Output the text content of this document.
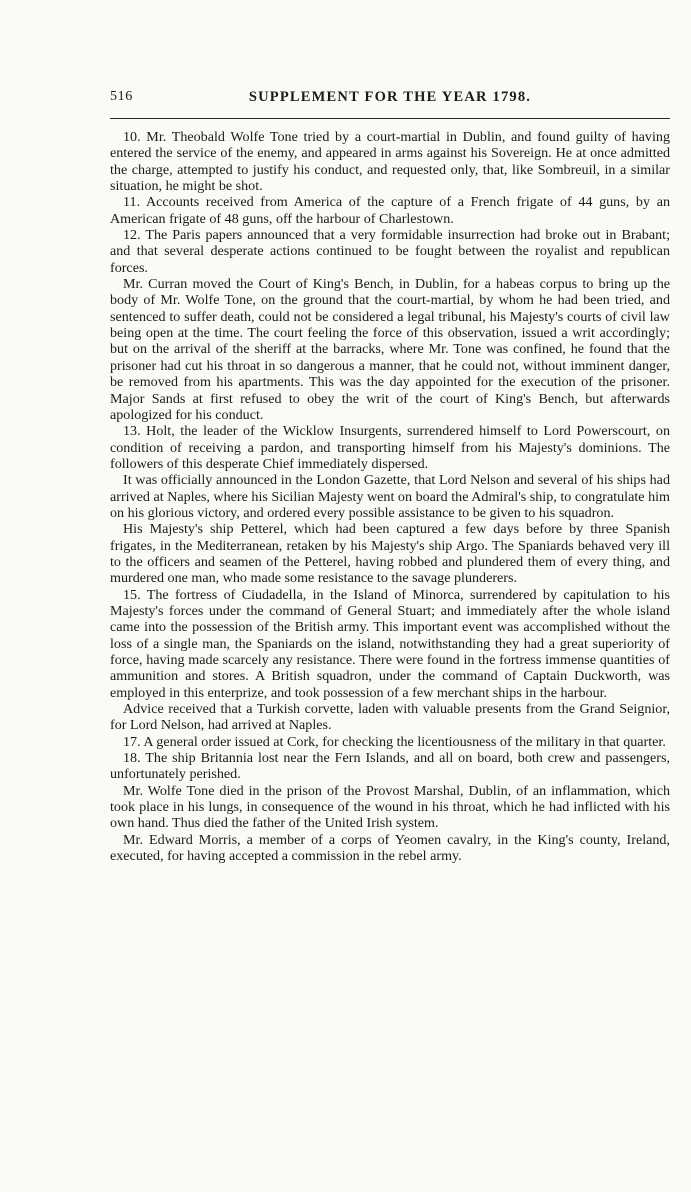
516	SUPPLEMENT FOR THE YEAR 1798.

10. Mr. Theobald Wolfe Tone tried by a court-martial in Dublin, and found guilty of having entered the service of the enemy, and appeared in arms against his Sovereign. He at once admitted the charge, attempted to justify his conduct, and requested only, that, like Sombreuil, in a similar situation, he might be shot.

11. Accounts received from America of the capture of a French frigate of 44 guns, by an American frigate of 48 guns, off the harbour of Charlestown.

12. The Paris papers announced that a very formidable insurrection had broke out in Brabant; and that several desperate actions continued to be fought between the royalist and republican forces.

Mr. Curran moved the Court of King's Bench, in Dublin, for a habeas corpus to bring up the body of Mr. Wolfe Tone, on the ground that the court-martial, by whom he had been tried, and sentenced to suffer death, could not be considered a legal tribunal, his Majesty's courts of civil law being open at the time. The court feeling the force of this observation, issued a writ accordingly; but on the arrival of the sheriff at the barracks, where Mr. Tone was confined, he found that the prisoner had cut his throat in so dangerous a manner, that he could not, without imminent danger, be removed from his apartments. This was the day appointed for the execution of the prisoner. Major Sands at first refused to obey the writ of the court of King's Bench, but afterwards apologized for his conduct.

13. Holt, the leader of the Wicklow Insurgents, surrendered himself to Lord Powerscourt, on condition of receiving a pardon, and transporting himself from his Majesty's dominions. The followers of this desperate Chief immediately dispersed.

It was officially announced in the London Gazette, that Lord Nelson and several of his ships had arrived at Naples, where his Sicilian Majesty went on board the Admiral's ship, to congratulate him on his glorious victory, and ordered every possible assistance to be given to his squadron.

His Majesty's ship Petterel, which had been captured a few days before by three Spanish frigates, in the Mediterranean, retaken by his Majesty's ship Argo. The Spaniards behaved very ill to the officers and seamen of the Petterel, having robbed and plundered them of every thing, and murdered one man, who made some resistance to the savage plunderers.

15. The fortress of Ciudadella, in the Island of Minorca, surrendered by capitulation to his Majesty's forces under the command of General Stuart; and immediately after the whole island came into the possession of the British army. This important event was accomplished without the loss of a single man, the Spaniards on the island, notwithstanding they had a great superiority of force, having made scarcely any resistance. There were found in the fortress immense quantities of ammunition and stores. A British squadron, under the command of Captain Duckworth, was employed in this enterprize, and took possession of a few merchant ships in the harbour.

Advice received that a Turkish corvette, laden with valuable presents from the Grand Seignior, for Lord Nelson, had arrived at Naples.

17. A general order issued at Cork, for checking the licentiousness of the military in that quarter.

18. The ship Britannia lost near the Fern Islands, and all on board, both crew and passengers, unfortunately perished.

Mr. Wolfe Tone died in the prison of the Provost Marshal, Dublin, of an inflammation, which took place in his lungs, in consequence of the wound in his throat, which he had inflicted with his own hand. Thus died the father of the United Irish system.

Mr. Edward Morris, a member of a corps of Yeomen cavalry, in the King's county, Ireland, executed, for having accepted a commission in the rebel army.
